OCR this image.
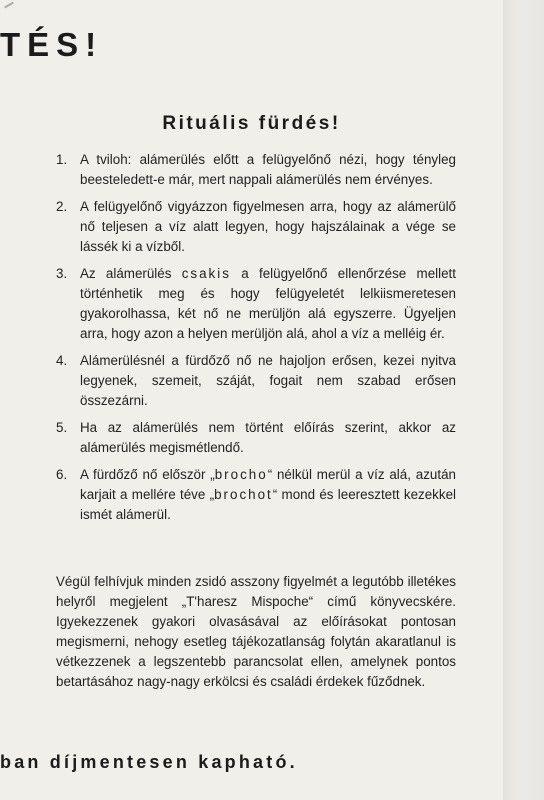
TÉS!
Rituális fürdés!
1. A tviloh: alámerülés előtt a felügyelőnő nézi, hogy tényleg beesteledett-e már, mert nappali alámerülés nem érvényes.
2. A felügyelőnő vigyázzon figyelmesen arra, hogy az alámerülő nő teljesen a víz alatt legyen, hogy hajszálainak a vége se lássék ki a vízből.
3. Az alámerülés csakis a felügyelőnő ellenőrzése mellett történhetik meg és hogy felügyeletét lelkiismeretesen gyakorolhassa, két nő ne merüljön alá egyszerre. Ügyeljen arra, hogy azon a helyen merüljön alá, ahol a víz a melléig ér.
4. Alámerülésnél a fürdőző nő ne hajoljon erősen, kezei nyitva legyenek, szemeit, száját, fogait nem szabad erősen összezárni.
5. Ha az alámerülés nem történt előírás szerint, akkor az alámerülés megismétlendő.
6. A fürdőző nő először „brocho“ nélkül merül a víz alá, azután karjait a mellére téve „brochot“ mond és leeresztett kezekkel ismét alámerül.
Végül felhívjuk minden zsidó asszony figyelmét a legutóbb illetékes helyről megjelent „T'haresz Mispoche“ című könyvecskére. Igyekezzenek gyakori olvasásával az előírásokat pontosan megismerni, nehogy esetleg tájékozatlanság folytán akaratlanul is vétkezzenek a legszentebb parancsolat ellen, amelynek pontos betartásához nagy-nagy erkölcsi és családi érdekek fűződnek.
ban díjmentesen kapható.
